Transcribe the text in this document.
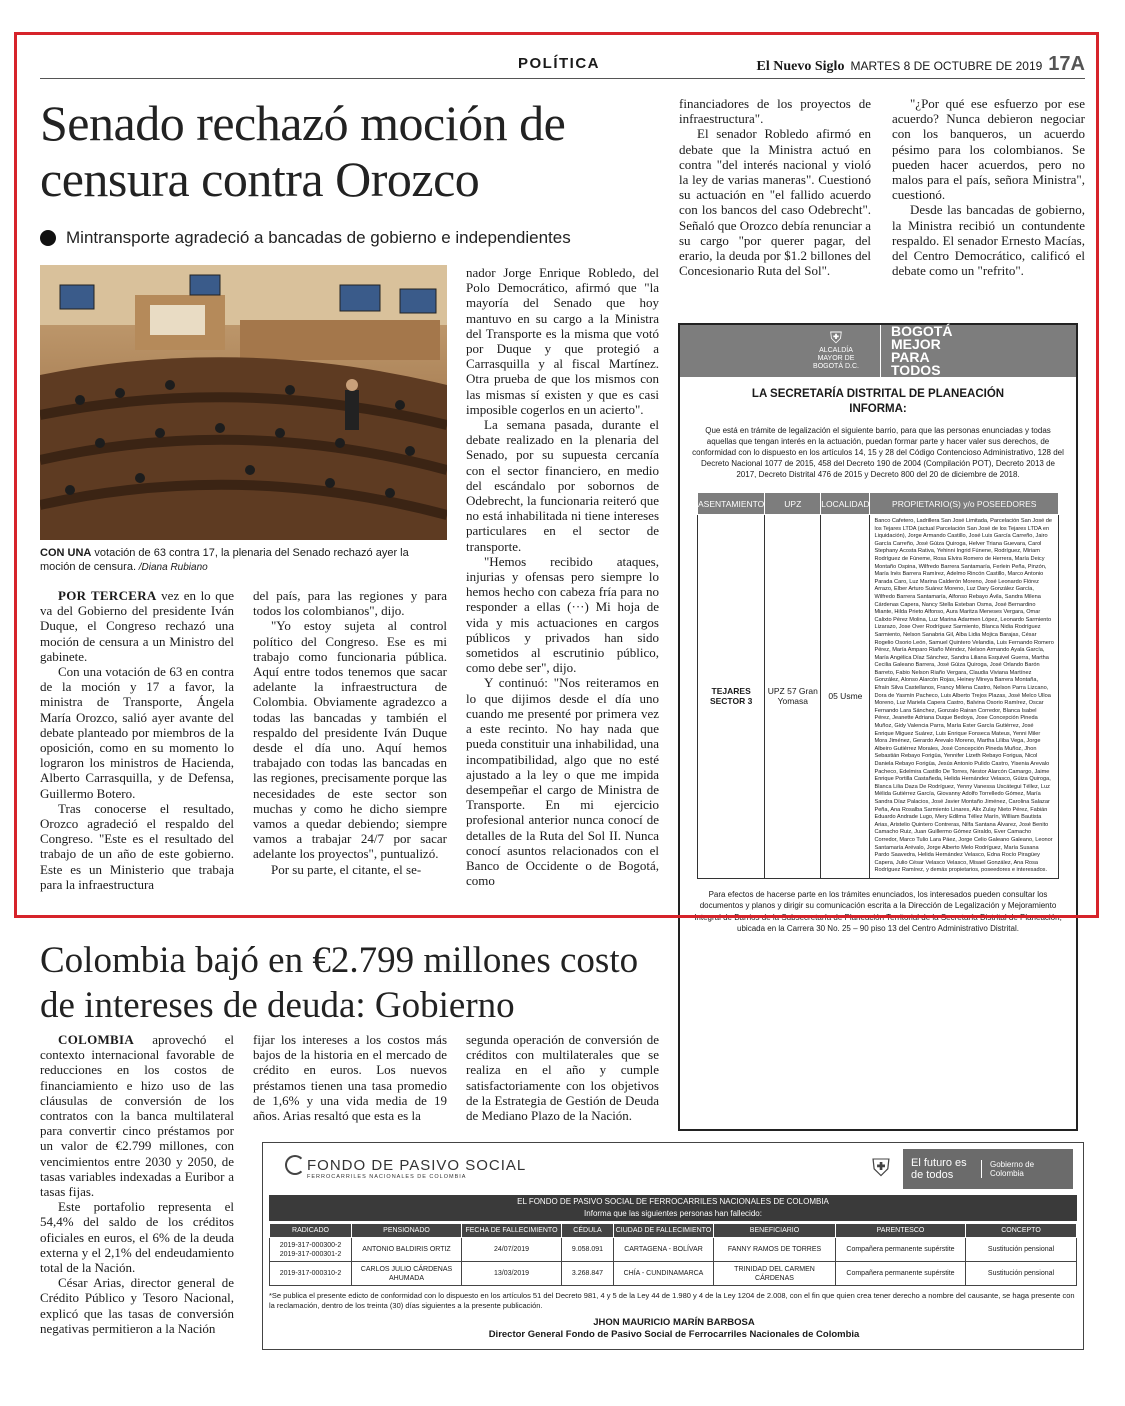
POLÍTICA	El Nuevo Siglo MARTES 8 DE OCTUBRE DE 2019 17A
Senado rechazó moción de censura contra Orozco
Mintransporte agradeció a bancadas de gobierno e independientes
CON UNA votación de 63 contra 17, la plenaria del Senado rechazó ayer la moción de censura. /Diana Rubiano

POR TERCERA vez en lo que va del Gobierno del presidente Iván Duque, el Congreso rechazó una moción de censura a un Ministro del gabinete.

Con una votación de 63 en contra de la moción y 17 a favor, la ministra de Transporte, Ángela María Orozco, salió ayer avante del debate planteado por miembros de la oposición, como en su momento lo lograron los ministros de Hacienda, Alberto Carrasquilla, y de Defensa, Guillermo Botero.

Tras conocerse el resultado, Orozco agradeció el respaldo del Congreso. "Este es el resultado del trabajo de un año de este gobierno. Este es un Ministerio que trabaja para la infraestructura

del país, para las regiones y para todos los colombianos", dijo.

"Yo estoy sujeta al control político del Congreso. Ese es mi trabajo como funcionaria pública. Aquí entre todos tenemos que sacar adelante la infraestructura de Colombia. Obviamente agradezco a todas las bancadas y también el respaldo del presidente Iván Duque desde el día uno. Aquí hemos trabajado con todas las bancadas en las regiones, precisamente porque las necesidades de este sector son muchas y como he dicho siempre vamos a quedar debiendo; siempre vamos a trabajar 24/7 por sacar adelante los proyectos", puntualizó.

Por su parte, el citante, el se-

nador Jorge Enrique Robledo, del Polo Democrático, afirmó que "la mayoría del Senado que hoy mantuvo en su cargo a la Ministra del Transporte es la misma que votó por Duque y que protegió a Carrasquilla y al fiscal Martínez. Otra prueba de que los mismos con las mismas sí existen y que es casi imposible cogerlos en un acierto".

La semana pasada, durante el debate realizado en la plenaria del Senado, por su supuesta cercanía con el sector financiero, en medio del escándalo por sobornos de Odebrecht, la funcionaria reiteró que no está inhabilitada ni tiene intereses particulares en el sector de transporte.

"Hemos recibido ataques, injurias y ofensas pero siempre lo hemos hecho con cabeza fría para no responder a ellas (···) Mi hoja de vida y mis actuaciones en cargos públicos y privados han sido sometidos al escrutinio público, como debe ser", dijo.

Y continuó: "Nos reiteramos en lo que dijimos desde el día uno cuando me presenté por primera vez a este recinto. No hay nada que pueda constituir una inhabilidad, una incompatibilidad, algo que no esté ajustado a la ley o que me impida desempeñar el cargo de Ministra de Transporte. En mi ejercicio profesional anterior nunca conocí de detalles de la Ruta del Sol II. Nunca conocí asuntos relacionados con el Banco de Occidente o de Bogotá, como

financiadores de los proyectos de infraestructura".

El senador Robledo afirmó en debate que la Ministra actuó en contra "del interés nacional y violó la ley de varias maneras". Cuestionó su actuación en "el fallido acuerdo con los bancos del caso Odebrecht". Señaló que Orozco debía renunciar a su cargo "por querer pagar, del erario, la deuda por $1.2 billones del Concesionario Ruta del Sol".

"¿Por qué ese esfuerzo por ese acuerdo? Nunca debieron negociar con los banqueros, un acuerdo pésimo para los colombianos. Se pueden hacer acuerdos, pero no malos para el país, señora Ministra", cuestionó.

Desde las bancadas de gobierno, la Ministra recibió un contundente respaldo. El senador Ernesto Macías, del Centro Democrático, calificó el debate como un "refrito".

⛨
ALCALDÍA MAYOR DE BOGOTÁ D.C.
BOGOTÁ MEJOR PARA TODOS
LA SECRETARÍA DISTRITAL DE PLANEACIÓN
INFORMA:
Que está en trámite de legalización el siguiente barrio, para que las personas enunciadas y todas aquellas que tengan interés en la actuación, puedan formar parte y hacer valer sus derechos, de conformidad con lo dispuesto en los artículos 14, 15 y 28 del Código Contencioso Administrativo, 128 del Decreto Nacional 1077 de 2015, 458 del Decreto 190 de 2004 (Compilación POT), Decreto 2013 de 2017, Decreto Distrital 476 de 2015 y Decreto 800 del 20 de diciembre de 2018.
ASENTAMIENTO	UPZ	LOCALIDAD	PROPIETARIO(S) y/o POSEEDORES
TEJARES SECTOR 3	UPZ 57 Gran Yomasa	05 Usme	Banco Cafetero, Ladrillera San José Limitada, Parcelación San José de los Tejares LTDA (actual Parcelación San José de los Tejares LTDA en Liquidación), Jorge Armando Castillo, José Luis García Carreño, Jairo García Carreño, José Gúiza Quiroga, Helver Triana Guevara, Carol Stephany Acosta Rativa, Yehinni Ingrid Fúnene, Rodríguez, Miriam Rodríguez de Fúneme, Rosa Elvira Romero de Herrera, María Deicy Montaño Ospina, Wilfredo Barrera Santamaría, Ferlein Peña, Pinzón, María Inés Barrera Ramírez, Adelmo Rincón Castillo, Marco Antonio Parada Caro, Luz Marina Calderón Moreno, José Leonardo Flórez Arrazo, Elber Arturo Suárez Moreno, Luz Dary González García, Wilfredo Barrera Santamaría, Alfonso Rebayo Ávila, Sandra Milena Cárdenas Capera, Nancy Stella Esteban Osma, José Bernardino Miante, Hilda Prieto Alfonso, Aura Maritza Meneses Vergara, Omar Calixto Pérez Molina, Luz Marina Adarmen López, Leonardo Sarmiento Lizarazo, Jose Over Rodríguez Sarmiento, Blanca Nidia Rodríguez Sarmiento, Nelson Sanabria Gil, Alba Lidia Mojica Barajas, César Rogelio Osorio León, Samuel Quintero Velandia, Luis Fernando Romero Pérez, María Amparo Riaño Méndez, Nelson Armando Ayala García, María Angélica Díaz Sánchez, Sandra Liliana Esquivel Guerra, Martha Cecilia Galeano Barrera, José Gúiza Quiroga, José Orlando Barón Barreto, Fabio Nelson Riaño Vergara, Claudia Viviana Martínez González, Alonso Alarcón Rojas, Heiney Mireya Barrera Montaña, Efraín Silva Castellanos, Francy Milena Castro, Nelson Parra Lizcano, Dora de Yasmín Pacheco, Luis Alberto Trejos Plazas, José Melco Ulloa Moreno, Luz Mariela Capera Castro, Balvina Osorio Ramírez, Oscar Fernando Lara Sánchez, Gonzalo Rairan Corredor, Blanca Isabel Pérez, Jeanette Adriana Duque Bedoya, Jose Concepción Pineda Muñoz, Gidy Valencia Parra, María Ester García Gutiérrez, José Enrique Miguez Suárez, Luis Enrique Fonseca Mateus, Yenni Miler Mora Jiménez, Gerardo Arevalo Moreno, Martha Liliba Vega, Jorge Albeiro Gutiérrez Morales, José Concepción Pineda Muñoz, Jhon Sebastián Rebayo Forigüa, Yennifer Lizeth Rebayo Forigua, Nicol Daniela Rebayo Forigüa, Jesús Antonio Pulido Castro, Yisenia Arevalo Pacheco, Edelmira Castillo De Torres, Nestor Alarcón Camargo, Jaime Enrique Portilla Castañeda, Helida Hernández Velasco, Gúiza Quiroga, Blanca Lilia Daza De Rodríguez, Yenny Vanessa Uscátegui Téllez, Luz Mélida Gutiérrez García, Giovanny Adolfo Torrelledo Gómez, María Sandra Díaz Palacios, José Javier Montaño Jiménez, Carolina Salazar Peña, Ana Rosalba Sarmiento Linares, Alix Zulay Nieto Pérez, Fabián Eduardo Andrade Lugo, Mery Edilma Téllez Marín, William Bautista Arias, Aristelio Quintero Contreras, Nilfa Santana Álvarez, José Benito Camacho Ruiz, Juan Guillermo Gómez Giraldo, Ever Camacho Corredor, Marco Tulio Lara Páez, Jorge Celio Galeano Galeano, Leonor Santamaría Arévalo, Jorge Alberto Melo Rodríguez, María Susana Pardo Saavedra, Helida Hernández Velasco, Edna Rocío Piragüey Capera, Julio César Velasco Velasco, Misael González, Ana Rosa Rodríguez Ramírez, y demás propietarios, poseedores e interesados.
Para efectos de hacerse parte en los trámites enunciados, los interesados pueden consultar los documentos y planos y dirigir su comunicación escrita a la Dirección de Legalización y Mejoramiento Integral de Barrios de la Subsecretaría de Planeación Territorial de la Secretaría Distrital de Planeación, ubicada en la Carrera 30 No. 25 – 90 piso 13 del Centro Administrativo Distrital.
Colombia bajó en €2.799 millones costo de intereses de deuda: Gobierno

COLOMBIA aprovechó el contexto internacional favorable de reducciones en los costos de financiamiento e hizo uso de las cláusulas de conversión de los contratos con la banca multilateral para convertir cinco préstamos por un valor de €2.799 millones, con vencimientos entre 2030 y 2050, de tasas variables indexadas a Euribor a tasas fijas.

Este portafolio representa el 54,4% del saldo de los créditos oficiales en euros, el 6% de la deuda externa y el 2,1% del endeudamiento total de la Nación.

César Arias, director general de Crédito Público y Tesoro Nacional, explicó que las tasas de conversión negativas permitieron a la Nación

fijar los intereses a los costos más bajos de la historia en el mercado de crédito en euros. Los nuevos préstamos tienen una tasa promedio de 1,6% y una vida media de 19 años. Arias resaltó que esta es la

segunda operación de conversión de créditos con multilaterales que se realiza en el año y cumple satisfactoriamente con los objetivos de la Estrategia de Gestión de Deuda de Mediano Plazo de la Nación.

FONDO DE PASIVO SOCIAL
FERROCARRILES NACIONALES DE COLOMBIA	⛨	El futuro es de todos
Gobierno de Colombia
EL FONDO DE PASIVO SOCIAL DE FERROCARRILES NACIONALES DE COLOMBIA
Informa que las siguientes personas han fallecido:
RADICADO	PENSIONADO	FECHA DE FALLECIMIENTO	CÉDULA	CIUDAD DE FALLECIMIENTO	BENEFICIARIO	PARENTESCO	CONCEPTO
2019-317-000300-2 2019-317-000301-2	ANTONIO BALDIRIS ORTIZ	24/07/2019	9.058.091	CARTAGENA - BOLÍVAR	FANNY RAMOS DE TORRES	Compañera permanente supérstite	Sustitución pensional
2019-317-000310-2	CARLOS JULIO CÁRDENAS AHUMADA	13/03/2019	3.268.847	CHÍA - CUNDINAMARCA	TRINIDAD DEL CARMEN CÁRDENAS	Compañera permanente supérstite	Sustitución pensional
*Se publica el presente edicto de conformidad con lo dispuesto en los artículos 51 del Decreto 981, 4 y 5 de la Ley 44 de 1.980 y 4 de la Ley 1204 de 2.008, con el fin que quien crea tener derecho a nombre del causante, se haga presente con la reclamación, dentro de los treinta (30) días siguientes a la presente publicación.
JHON MAURICIO MARÍN BARBOSA
Director General Fondo de Pasivo Social de Ferrocarriles Nacionales de Colombia
